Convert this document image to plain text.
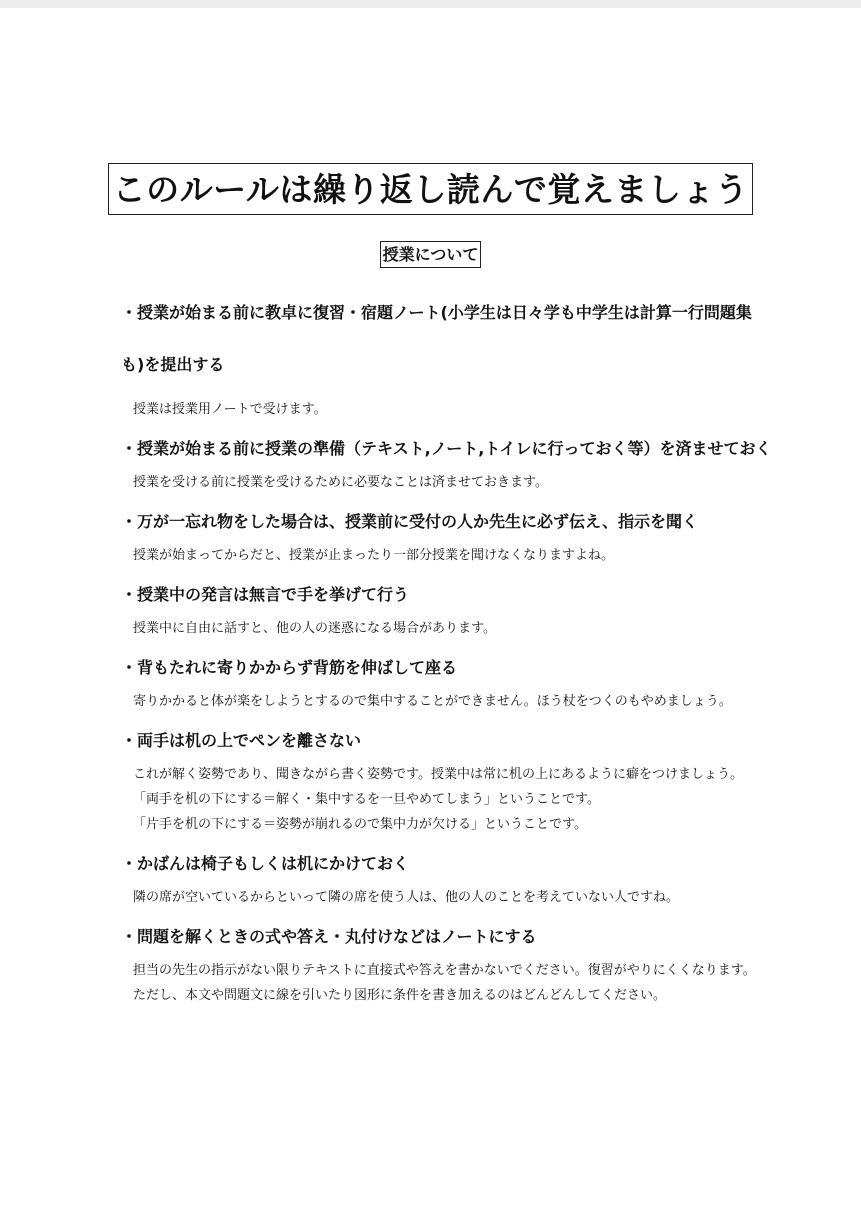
このルールは繰り返し読んで覚えましょう
授業について
・授業が始まる前に教卓に復習・宿題ノート(小学生は日々学も中学生は計算一行問題集も)を提出する

授業は授業用ノートで受けます。

・授業が始まる前に授業の準備（テキスト,ノート,トイレに行っておく等）を済ませておく

授業を受ける前に授業を受けるために必要なことは済ませておきます。

・万が一忘れ物をした場合は、授業前に受付の人か先生に必ず伝え、指示を聞く

授業が始まってからだと、授業が止まったり一部分授業を聞けなくなりますよね。

・授業中の発言は無言で手を挙げて行う

授業中に自由に話すと、他の人の迷惑になる場合があります。

・背もたれに寄りかからず背筋を伸ばして座る

寄りかかると体が楽をしようとするので集中することができません。ほう杖をつくのもやめましょう。

・両手は机の上でペンを離さない

これが解く姿勢であり、聞きながら書く姿勢です。授業中は常に机の上にあるように癖をつけましょう。

「両手を机の下にする＝解く・集中するを一旦やめてしまう」ということです。

「片手を机の下にする＝姿勢が崩れるので集中力が欠ける」ということです。

・かばんは椅子もしくは机にかけておく

隣の席が空いているからといって隣の席を使う人は、他の人のことを考えていない人ですね。

・問題を解くときの式や答え・丸付けなどはノートにする

担当の先生の指示がない限りテキストに直接式や答えを書かないでください。復習がやりにくくなります。

ただし、本文や問題文に線を引いたり図形に条件を書き加えるのはどんどんしてください。
